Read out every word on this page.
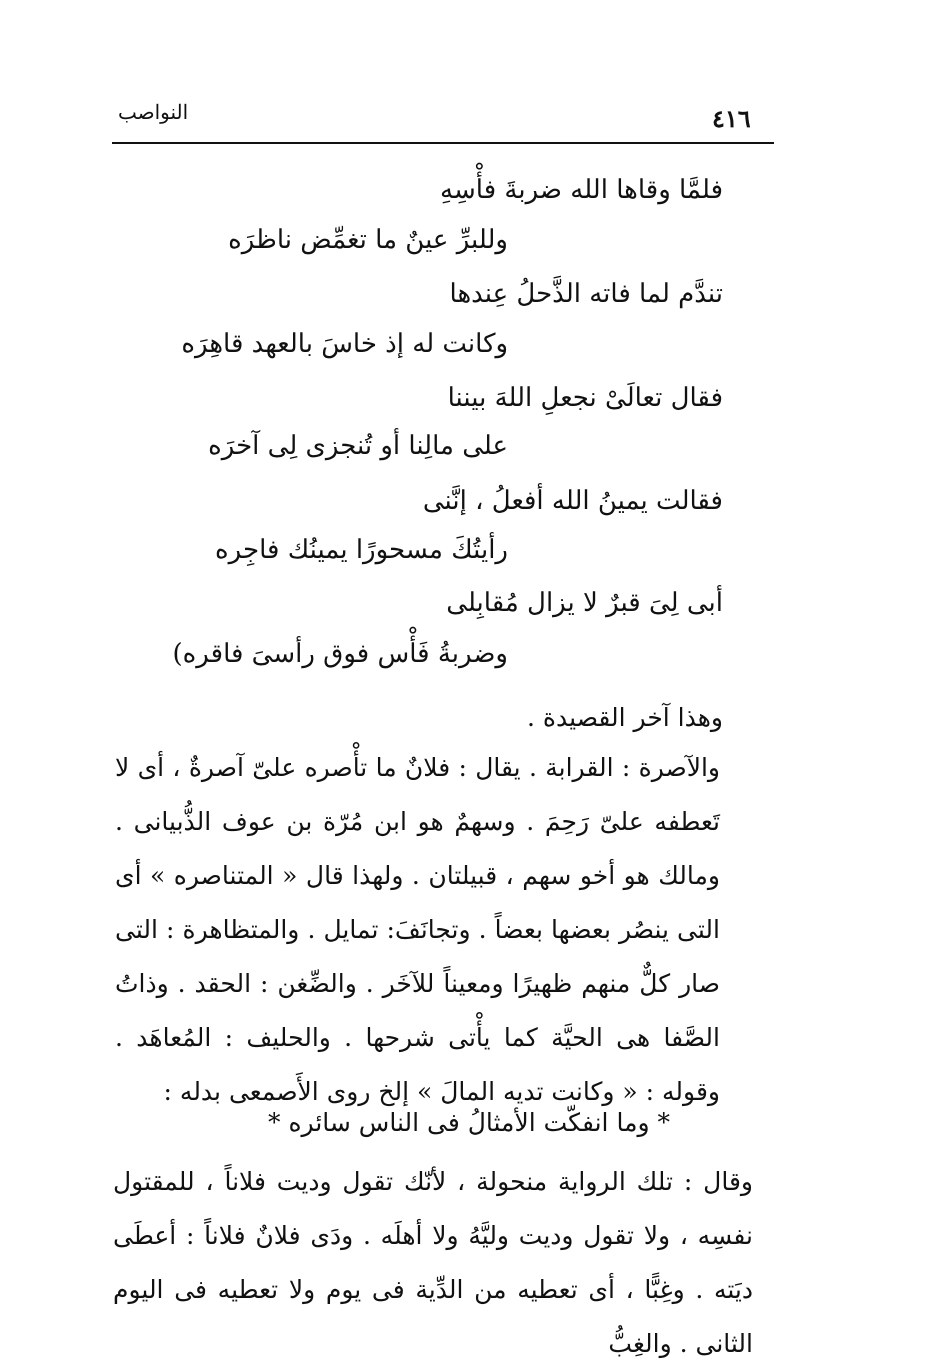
النواصب	٤١٦
فلمَّا وقاها الله ضربةَ فأْسِهِ
وللبرِّ عينٌ ما تغمِّض ناظرَه
تندَّم لما فاته الذَّحلُ عِندها
وكانت له إذ خاسَ بالعهد قاهِرَه
فقال تعالَىْ نجعلِ اللهَ بيننا
على مالِنا أو تُنجزى لِى آخرَه
فقالت يمينُ الله أفعلُ ، إنَّنى
رأيتُكَ مسحورًا يمينُك فاجِره
أبى لِىَ قبرٌ لا يزال مُقابِلى
وضربةُ فَأْس فوق رأسىَ فاقره)
وهذا آخر القصيدة .
والآصرة : القرابة . يقال : فلانٌ ما تأْصره علىّ آصرةٌ ، أى لا تَعطفه علىّ رَحِمَ . وسهمٌ هو ابن مُرّة بن عوف الذُّبيانى . ومالك هو أخو سهم ، قبيلتان . ولهذا قال « المتناصره » أى التى ينصُر بعضها بعضاً . وتجانَفَ: تمايل . والمتظاهرة : التى صار كلٌّ منهم ظهيرًا ومعيناً للآخَر . والضِّغن : الحقد . وذاتُ الصَّفا هى الحيَّة كما يأْتى شرحها . والحليف : المُعاهَد . وقوله : « وكانت تديه المالَ » إلخ روى الأَصمعى بدله :
* وما انفكّت الأمثالُ فى الناس سائره *
وقال : تلك الرواية منحولة ، لأنّك تقول وديت فلاناً ، للمقتول نفسِه ، ولا تقول وديت وليَّهُ ولا أهلَه . ودَى فلانٌ فلاناً : أعطَى ديَته . وغِبًّا ، أى تعطيه من الدِّية فى يوم ولا تعطيه فى اليوم الثانى . والغِبُّ
